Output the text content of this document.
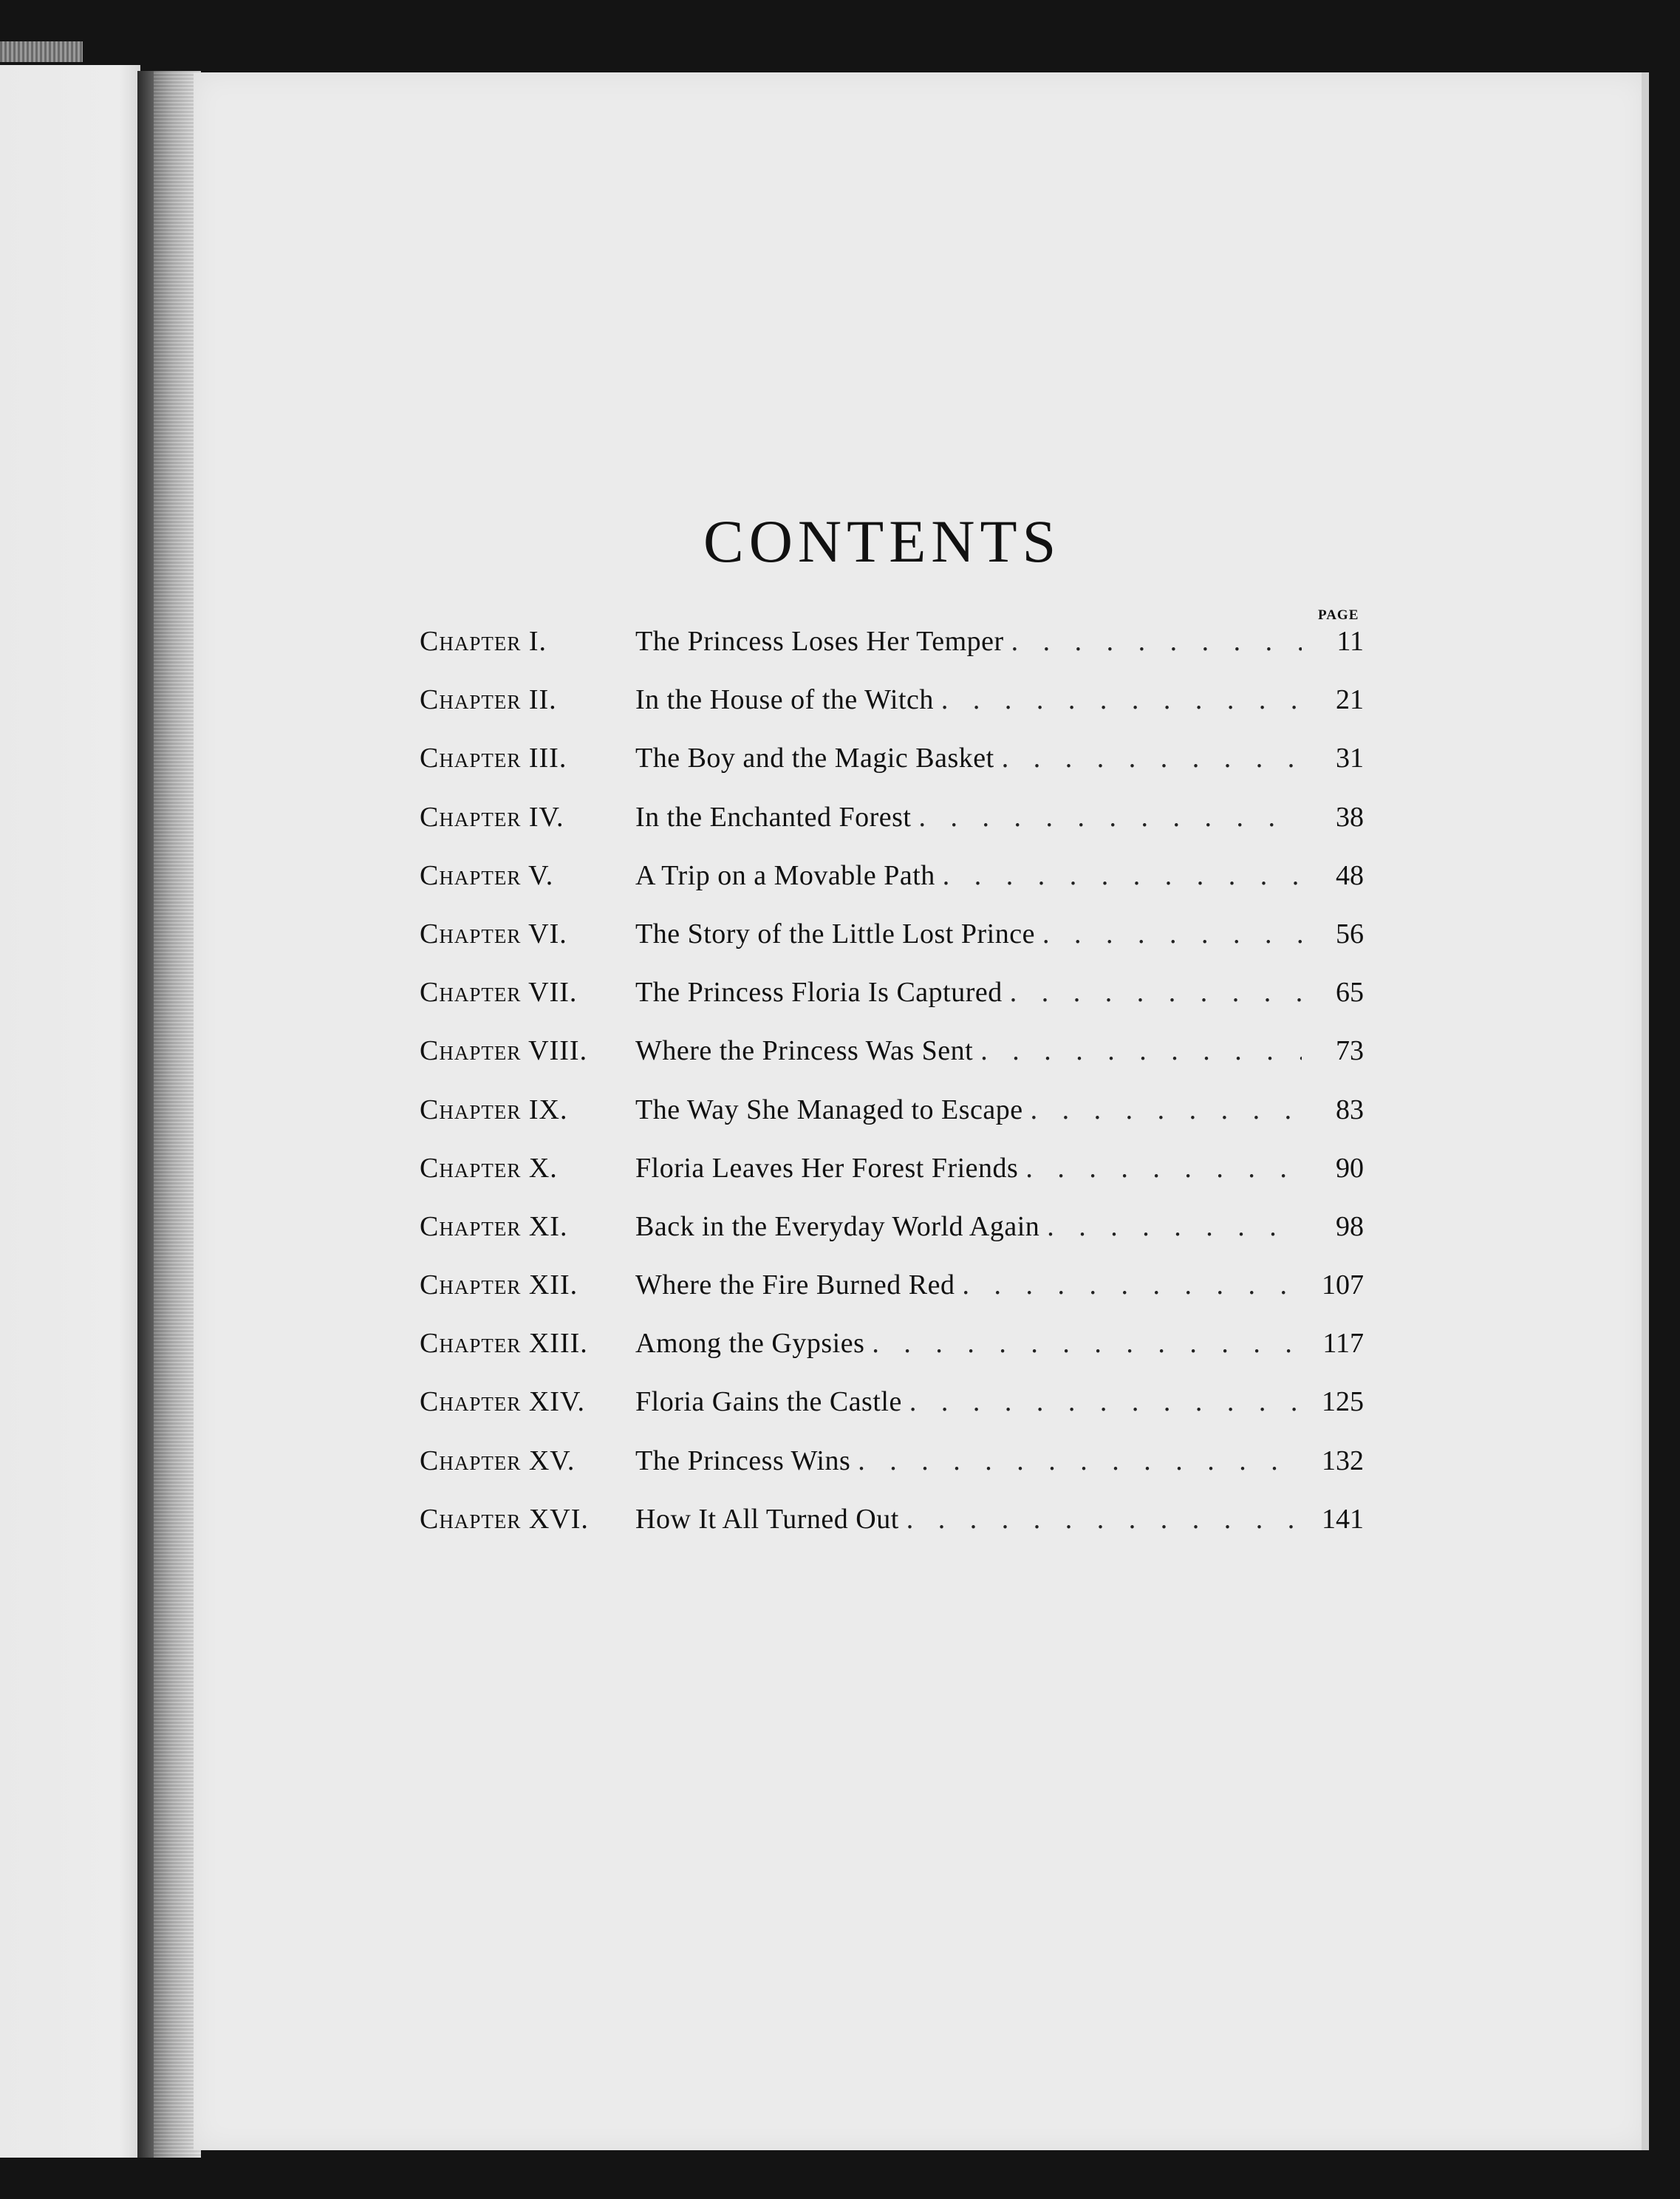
CONTENTS
PAGE
Chapter I.	The Princess Loses Her Temper . . .	11
Chapter II.	In the House of the Witch . . .	21
Chapter III.	The Boy and the Magic Basket . . .	31
Chapter IV.	In the Enchanted Forest . . .	38
Chapter V.	A Trip on a Movable Path . . .	48
Chapter VI.	The Story of the Little Lost Prince . . .	56
Chapter VII.	The Princess Floria Is Captured . . .	65
Chapter VIII.	Where the Princess Was Sent . . .	73
Chapter IX.	The Way She Managed to Escape . . .	83
Chapter X.	Floria Leaves Her Forest Friends . . .	90
Chapter XI.	Back in the Everyday World Again . . .	98
Chapter XII.	Where the Fire Burned Red . . .	107
Chapter XIII.	Among the Gypsies . . .	117
Chapter XIV.	Floria Gains the Castle . . .	125
Chapter XV.	The Princess Wins . . .	132
Chapter XVI.	How It All Turned Out . . .	141
